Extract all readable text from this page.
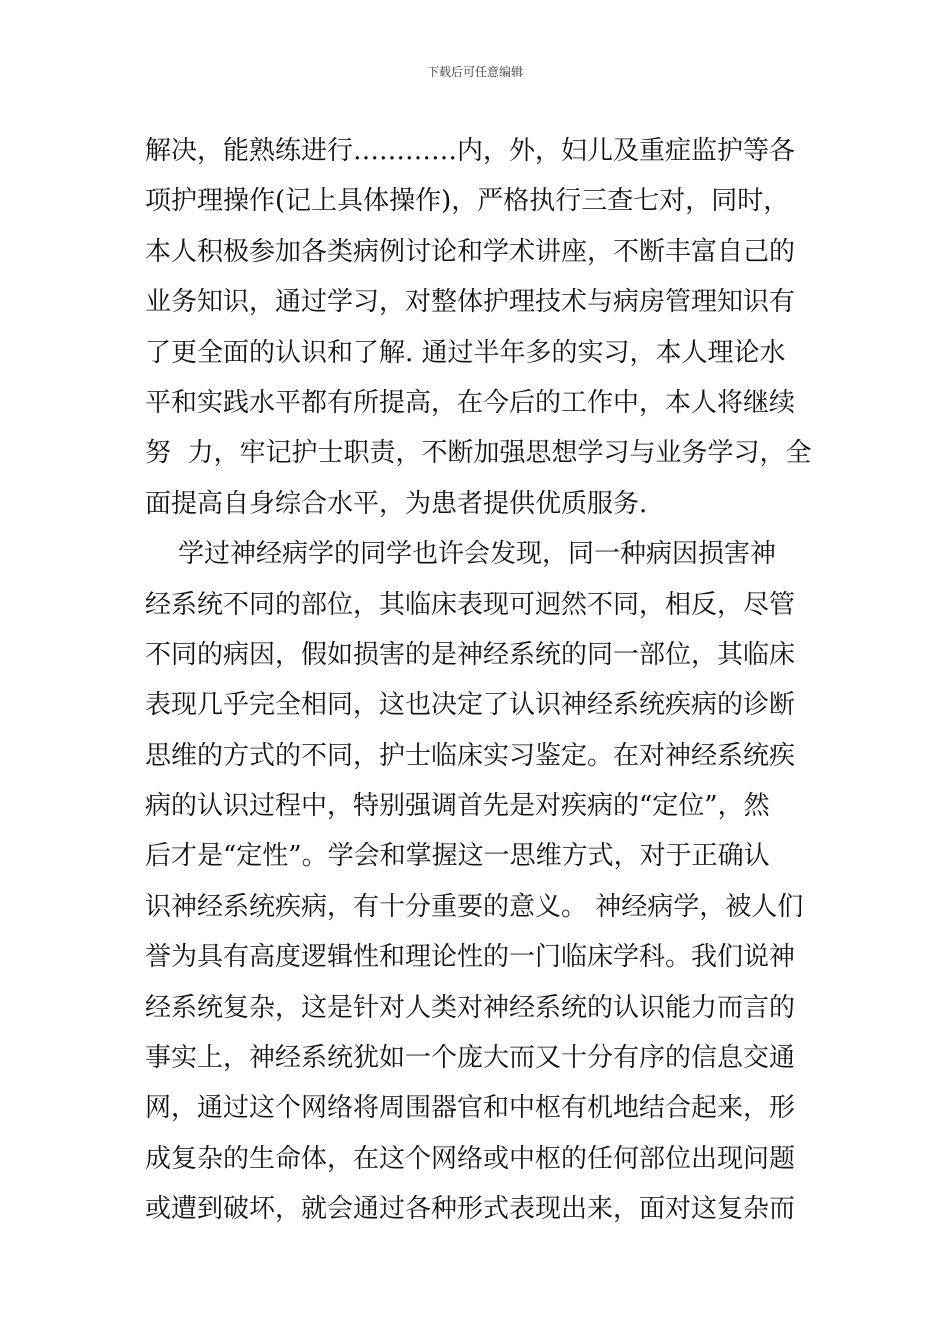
下载后可任意编辑
解决，能熟练进行…………内，外，妇儿及重症监护等各
项护理操作(记上具体操作)，严格执行三查七对，同时，
本人积极参加各类病例讨论和学术讲座，不断丰富自己的
业务知识，通过学习，对整体护理技术与病房管理知识有
了更全面的认识和了解. 通过半年多的实习，本人理论水
平和实践水平都有所提高，在今后的工作中，本人将继续
努  力，牢记护士职责，不断加强思想学习与业务学习，全
面提高自身综合水平，为患者提供优质服务.
学过神经病学的同学也许会发现，同一种病因损害神
经系统不同的部位，其临床表现可迥然不同，相反，尽管
不同的病因，假如损害的是神经系统的同一部位，其临床
表现几乎完全相同，这也决定了认识神经系统疾病的诊断
思维的方式的不同，护士临床实习鉴定。在对神经系统疾
病的认识过程中，特别强调首先是对疾病的“定位”，然
后才是“定性”。学会和掌握这一思维方式，对于正确认
识神经系统疾病，有十分重要的意义。 神经病学，被人们
誉为具有高度逻辑性和理论性的一门临床学科。我们说神
经系统复杂，这是针对人类对神经系统的认识能力而言的
事实上，神经系统犹如一个庞大而又十分有序的信息交通
网，通过这个网络将周围器官和中枢有机地结合起来，形
成复杂的生命体，在这个网络或中枢的任何部位出现问题
或遭到破坏，就会通过各种形式表现出来，面对这复杂而
